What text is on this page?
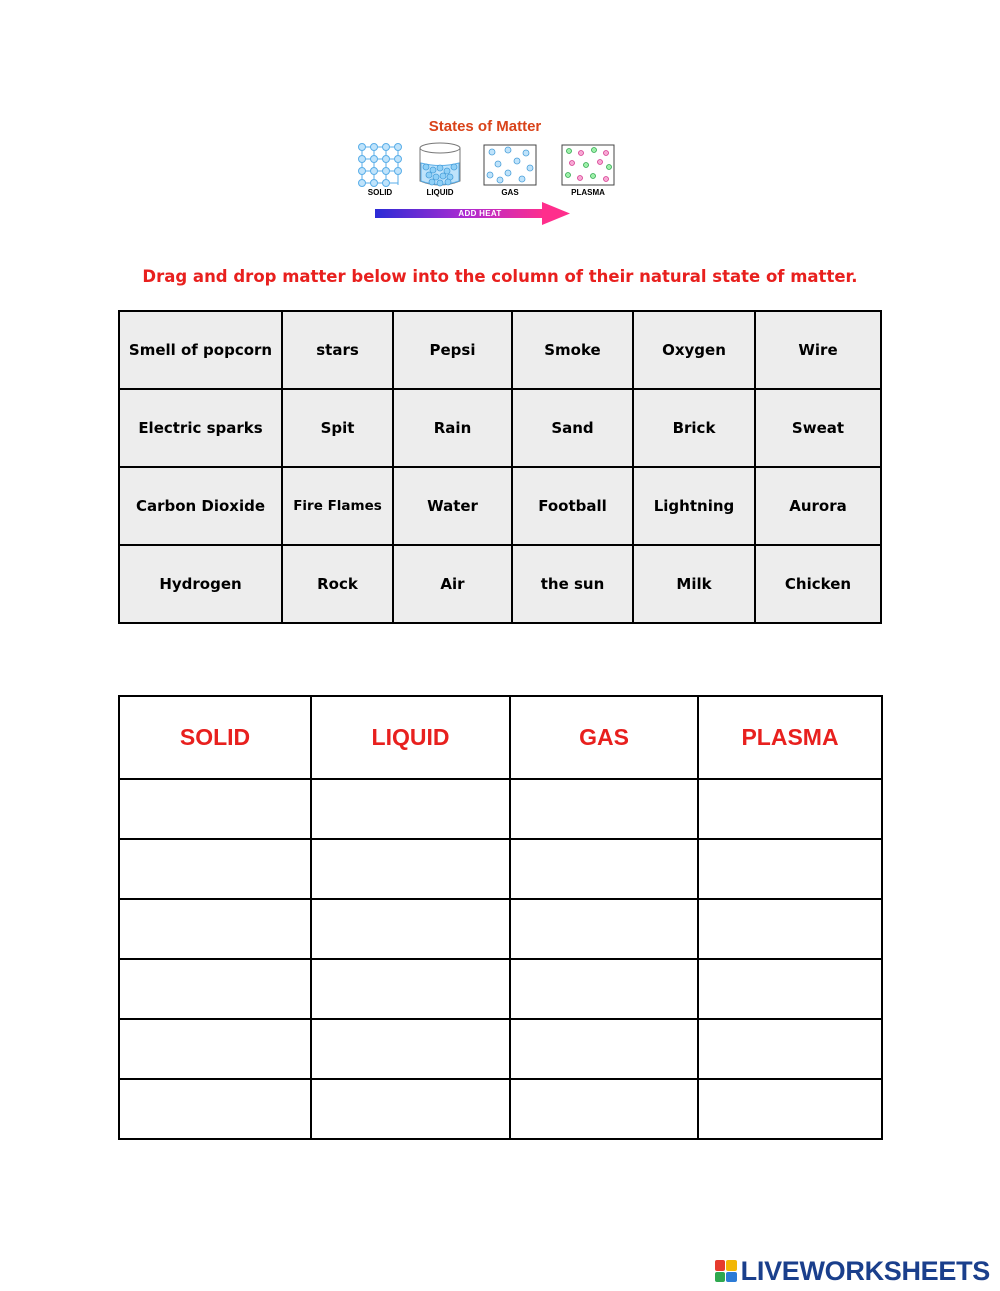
States of Matter
SOLID	LIQUID	GAS	PLASMA
ADD HEAT
Drag and drop matter below into the column of their natural state of matter.
Smell of popcorn	stars	Pepsi	Smoke	Oxygen	Wire
Electric sparks	Spit	Rain	Sand	Brick	Sweat
Carbon Dioxide	Fire Flames	Water	Football	Lightning	Aurora
Hydrogen	Rock	Air	the sun	Milk	Chicken
SOLID	LIQUID	GAS	PLASMA

LIVEWORKSHEETS
